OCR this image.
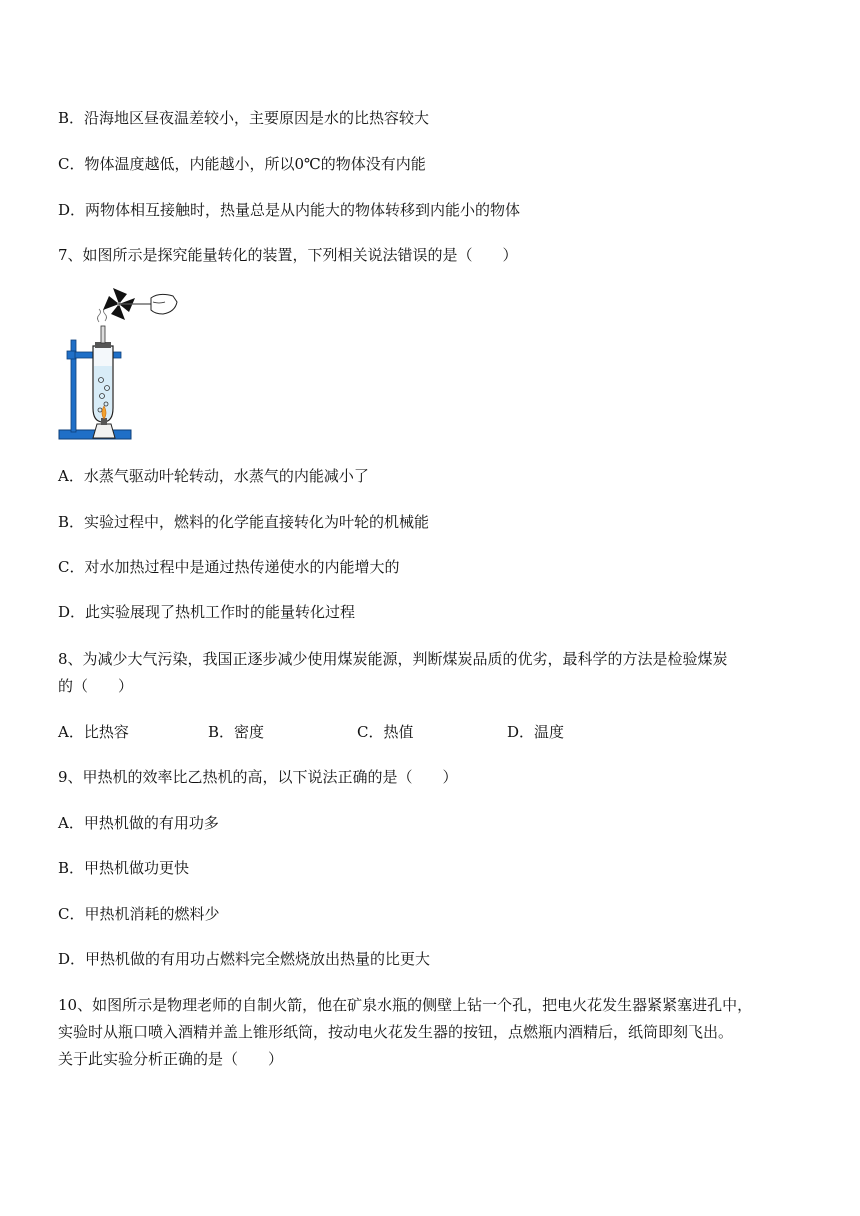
B．沿海地区昼夜温差较小，主要原因是水的比热容较大
C．物体温度越低，内能越小，所以0℃的物体没有内能
D．两物体相互接触时，热量总是从内能大的物体转移到内能小的物体
7、如图所示是探究能量转化的装置，下列相关说法错误的是（　　）
A．水蒸气驱动叶轮转动，水蒸气的内能减小了
B．实验过程中，燃料的化学能直接转化为叶轮的机械能
C．对水加热过程中是通过热传递使水的内能增大的
D．此实验展现了热机工作时的能量转化过程
8、为减少大气污染，我国正逐步减少使用煤炭能源，判断煤炭品质的优劣，最科学的方法是检验煤炭
的（　　）
A．比热容	B．密度	C．热值	D．温度
9、甲热机的效率比乙热机的高，以下说法正确的是（　　）
A．甲热机做的有用功多
B．甲热机做功更快
C．甲热机消耗的燃料少
D．甲热机做的有用功占燃料完全燃烧放出热量的比更大
10、如图所示是物理老师的自制火箭，他在矿泉水瓶的侧壁上钻一个孔，把电火花发生器紧紧塞进孔中，
实验时从瓶口喷入酒精并盖上锥形纸筒，按动电火花发生器的按钮，点燃瓶内酒精后，纸筒即刻飞出。
关于此实验分析正确的是（　　）
